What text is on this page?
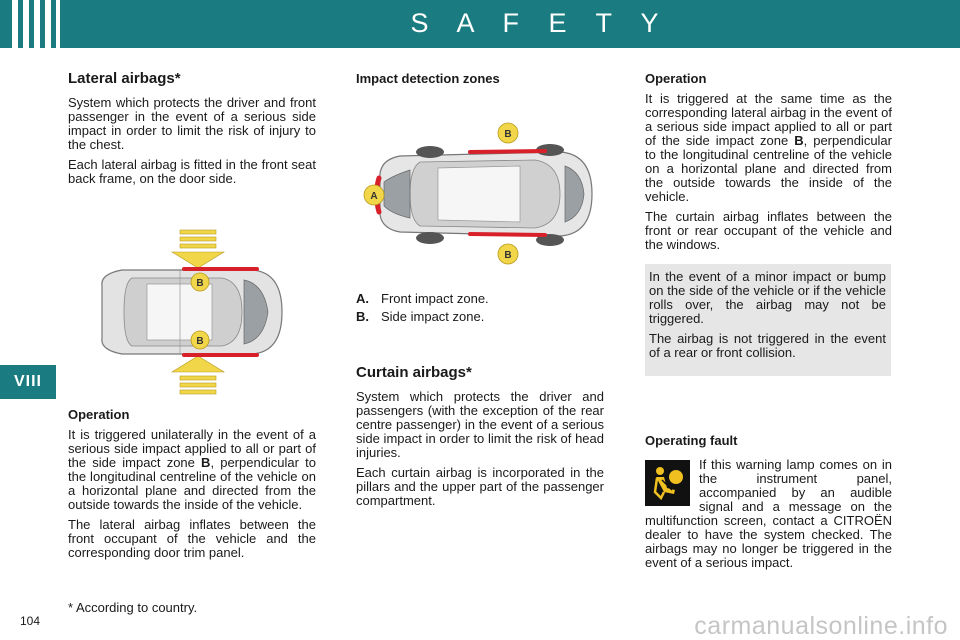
S A F E T Y
VIII
Lateral airbags*

System which protects the driver and front passenger in the event of a serious side impact in order to limit the risk of injury to the chest.

Each lateral airbag is fitted in the front seat back frame, on the door side.

B
B
Operation

It is triggered unilaterally in the event of a serious side impact applied to all or part of the side impact zone B, perpendicular to the longitudinal centreline of the vehicle on a horizontal plane and directed from the outside towards the inside of the vehicle.

The lateral airbag inflates between the front occupant of the vehicle and the corresponding door trim panel.

Impact detection zones
A
B
B
A. Front impact zone.
B. Side impact zone.
Curtain airbags*

System which protects the driver and passengers (with the exception of the rear centre passenger) in the event of a serious side impact in order to limit the risk of head injuries.

Each curtain airbag is incorporated in the pillars and the upper part of the passenger compartment.

Operation

It is triggered at the same time as the corresponding lateral airbag in the event of a serious side impact applied to all or part of the side impact zone B, perpendicular to the longitudinal centreline of the vehicle on a horizontal plane and directed from the outside towards the inside of the vehicle.

The curtain airbag inflates between the front or rear occupant of the vehicle and the windows.

In the event of a minor impact or bump on the side of the vehicle or if the vehicle rolls over, the airbag may not be triggered.

The airbag is not triggered in the event of a rear or front collision.

Operating fault

If this warning lamp comes on in the instrument panel, accompanied by an audible signal and a message on the multifunction screen, contact a CITROËN dealer to have the system checked. The airbags may no longer be triggered in the event of a serious impact.

* According to country.
104	carmanualsonline.info
